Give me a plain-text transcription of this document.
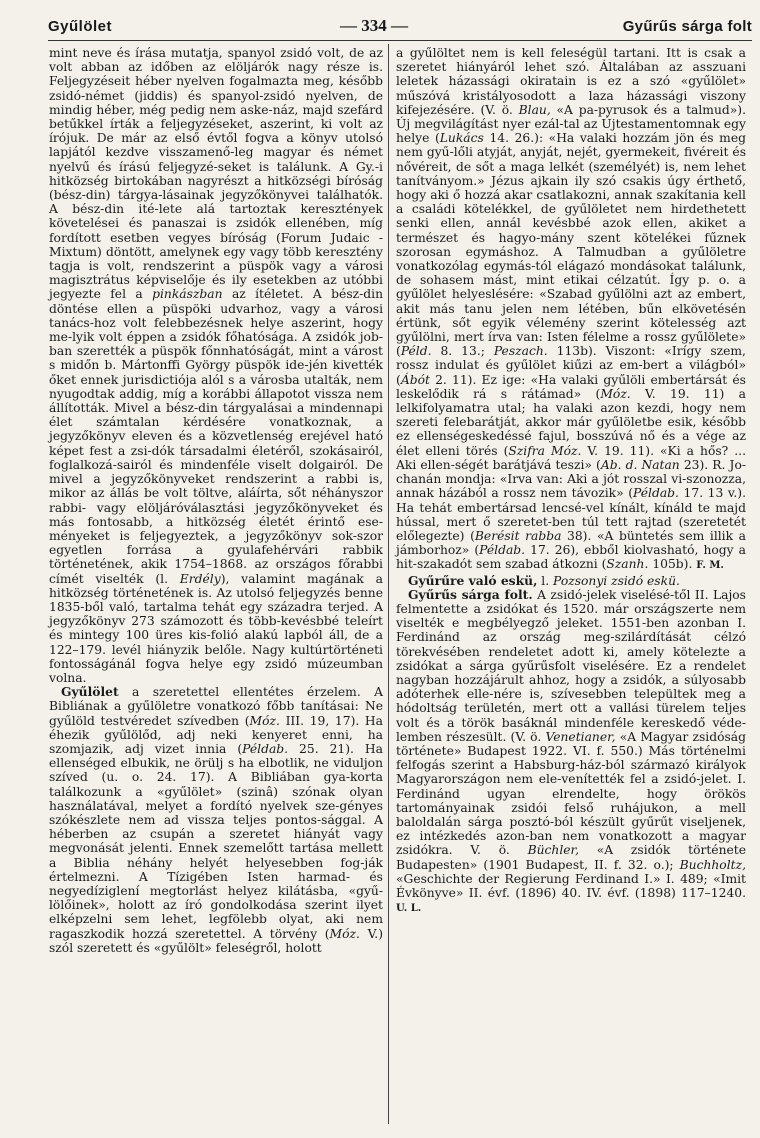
Gyűlölet	— 334 —	Gyűrűs sárga folt

mint neve és írása mutatja, spanyol zsidó volt, de az volt abban az időben az elöljárók nagy része is. Feljegyzéseit héber nyelven fogalmazta meg, később zsidó-német (jiddis) és spanyol-zsidó nyelven, de mindig héber, még pedig nem aske-náz, majd szefárd betűkkel írták a feljegyzéseket, aszerint, ki volt az írójuk. De már az első évtől fogva a könyv utolsó lapjától kezdve visszamenő-leg magyar és német nyelvű és írású feljegyzé-seket is találunk. A Gy.-i hitközség birtokában nagyrészt a hitközségi bíróság (bész-din) tárgya-lásainak jegyzőkönyvei találhatók. A bész-din ité-lete alá tartoztak keresztények követelései és panaszai is zsidók ellenében, míg fordított esetben vegyes bíróság (Forum Judaic -Mixtum) döntött, amelynek egy vagy több keresztény tagja is volt, rendszerint a püspök vagy a városi magisztrátus képviselője és ily esetekben az utóbbi jegyezte fel a pinkászban az ítéletet. A bész-din döntése ellen a püspöki udvarhoz, vagy a városi tanács-hoz volt felebbezésnek helye aszerint, hogy me-lyik volt éppen a zsidók főhatósága. A zsidók job-ban szerették a püspök főnnhatóságát, mint a várost s midőn b. Mártonffi György püspök ide-jén kivették őket ennek jurisdictiója alól s a városba utalták, nem nyugodtak addig, míg a korábbi állapotot vissza nem állították. Mivel a bész-din tárgyalásai a mindennapi élet számtalan kérdésére vonatkoznak, a jegyzőkönyv eleven és a közvetlenség erejével ható képet fest a zsi-dók társadalmi életéről, szokásairól, foglalkozá-sairól és mindenféle viselt dolgairól. De mivel a jegyzőkönyveket rendszerint a rabbi is, mikor az állás be volt töltve, aláírta, sőt néhányszor rabbi- vagy elöljáróválasztási jegyzőkönyveket és más fontosabb, a hitközség életét érintő ese-ményeket is feljegyeztek, a jegyzőkönyv sok-szor egyetlen forrása a gyulafehérvári rabbik történetének, akik 1754–1868. az országos főrabbi címét viselték (l. Erdély), valamint magának a hitközség történetének is. Az utolsó feljegyzés benne 1835-ből való, tartalma tehát egy századra terjed. A jegyzőkönyv 273 számozott és több-kevésbbé teleírt és mintegy 100 üres kis-folió alakú lapból áll, de a 122–179. levél hiányzik belőle. Nagy kultúrtörténeti fontosságánál fogva helye egy zsidó múzeumban volna.

Gyűlölet a szeretettel ellentétes érzelem. A Bibliának a gyűlöletre vonatkozó főbb tanításai: Ne gyűlöld testvéredet szívedben (Móz. III. 19, 17). Ha éhezik gyűlölőd, adj neki kenyeret enni, ha szomjazik, adj vizet innia (Példab. 25. 21). Ha ellenséged elbukik, ne örülj s ha elbotlik, ne viduljon szíved (u. o. 24. 17). A Bibliában gya-korta találkozunk a «gyűlölet» (szinâ) szónak olyan használatával, melyet a fordító nyelvek sze-gényes szókészlete nem ad vissza teljes pontos-sággal. A héberben az csupán a szeretet hiányát vagy megvonását jelenti. Ennek szemelőtt tartása mellett a Biblia néhány helyét helyesebben fog-ják értelmezni. A Tízigében Isten harmad- és negyedíziglení megtorlást helyez kilátásba, «gyű-lölőinek», holott az író gondolkodása szerint ilyet elképzelni sem lehet, legfölebb olyat, aki nem ragaszkodik hozzá szeretettel. A törvény (Móz. V.) szól szeretett és «gyűlölt» feleségről, holott

a gyűlöltet nem is kell feleségül tartani. Itt is csak a szeretet hiányáról lehet szó. Általában az asszuani leletek házassági okiratain is ez a szó «gyűlölet» műszóvá kristályosodott a laza házassági viszony kifejezésére. (V. ö. Blau, «A pa-pyrusok és a talmud»). Új megvilágítást nyer ezál-tal az Újtestamentomnak egy helye (Lukács 14. 26.): «Ha valaki hozzám jön és meg nem gyű-lőli atyját, anyját, nejét, gyermekeit, fivéreit és nővéreit, de sőt a maga lelkét (személyét) is, nem lehet tanítványom.» Jézus ajkain ily szó csakis úgy érthető, hogy aki ő hozzá akar csatlakozni, annak szakítania kell a családi kötelékkel, de gyűlöletet nem hirdethetett senki ellen, annál kevésbbé azok ellen, akiket a természet és hagyo-mány szent kötelékei fűznek szorosan egymáshoz. A Talmudban a gyűlöletre vonatkozólag egymás-tól elágazó mondásokat találunk, de sohasem mást, mint etikai célzatút. Így p. o. a gyűlölet helyeslésére: «Szabad gyűlölni azt az embert, akit más tanu jelen nem létében, bűn elkövetésén értünk, sőt egyik vélemény szerint kötelesség azt gyűlölni, mert írva van: Isten félelme a rossz gyűlölete» (Péld. 8. 13.; Peszach. 113b). Viszont: «Irígy szem, rossz indulat és gyűlölet kiűzi az em-bert a világból» (Ábót 2. 11). Ez ige: «Ha valaki gyűlöli embertársát és leskelődik rá s rátámad» (Móz. V. 19. 11) a lelkifolyamatra utal; ha valaki azon kezdi, hogy nem szereti felebarátját, akkor már gyűlöletbe esik, később ez ellenségeskedéssé fajul, bosszúvá nő és a vége az élet elleni törés (Szifra Móz. V. 19. 11). «Ki a hős? ... Aki ellen-ségét barátjává teszi» (Ab. d. Natan 23). R. Jo-chanán mondja: «Irva van: Aki a jót rosszal vi-szonozza, annak házából a rossz nem távozik» (Példab. 17. 13 v.). Ha tehát embertársad lencsé-vel kínált, kínáld te majd hússal, mert ő szeretet-ben túl tett rajtad (szeretetét előlegezte) (Berésit rabba 38). «A büntetés sem illik a jámborhoz» (Példab. 17. 26), ebből kiolvasható, hogy a hit-szakadót sem szabad átkozni (Szanh. 105b). F. M.

Gyűrűre való eskü, l. Pozsonyi zsidó eskü.

Gyűrűs sárga folt. A zsidó-jelek viselésé-től II. Lajos felmentette a zsidókat és 1520. már országszerte nem viselték e megbélyegző jeleket. 1551-ben azonban I. Ferdinánd az ország meg-szilárdítását célzó törekvésében rendeletet adott ki, amely kötelezte a zsidókat a sárga gyűrűsfolt viselésére. Ez a rendelet nagyban hozzájárult ahhoz, hogy a zsidók, a súlyosabb adóterhek elle-nére is, szívesebben települtek meg a hódoltság területén, mert ott a vallási türelem teljes volt és a török basáknál mindenféle kereskedő véde-lemben részesült. (V. ö. Venetianer, «A Magyar zsidóság története» Budapest 1922. VI. f. 550.) Más történelmi felfogás szerint a Habsburg-ház-ból származó királyok Magyarországon nem ele-venítették fel a zsidó-jelet. I. Ferdinánd ugyan elrendelte, hogy örökös tartományainak zsidói felső ruhájukon, a mell baloldalán sárga posztó-ból készült gyűrűt viseljenek, ez intézkedés azon-ban nem vonatkozott a magyar zsidókra. V. ö. Büchler, «A zsidók története Budapesten» (1901 Budapest, II. f. 32. o.); Buchholtz, «Geschichte der Regierung Ferdinand I.» I. 489; «Imit Évkönyve» II. évf. (1896) 40. IV. évf. (1898) 117–1240. U. L.
